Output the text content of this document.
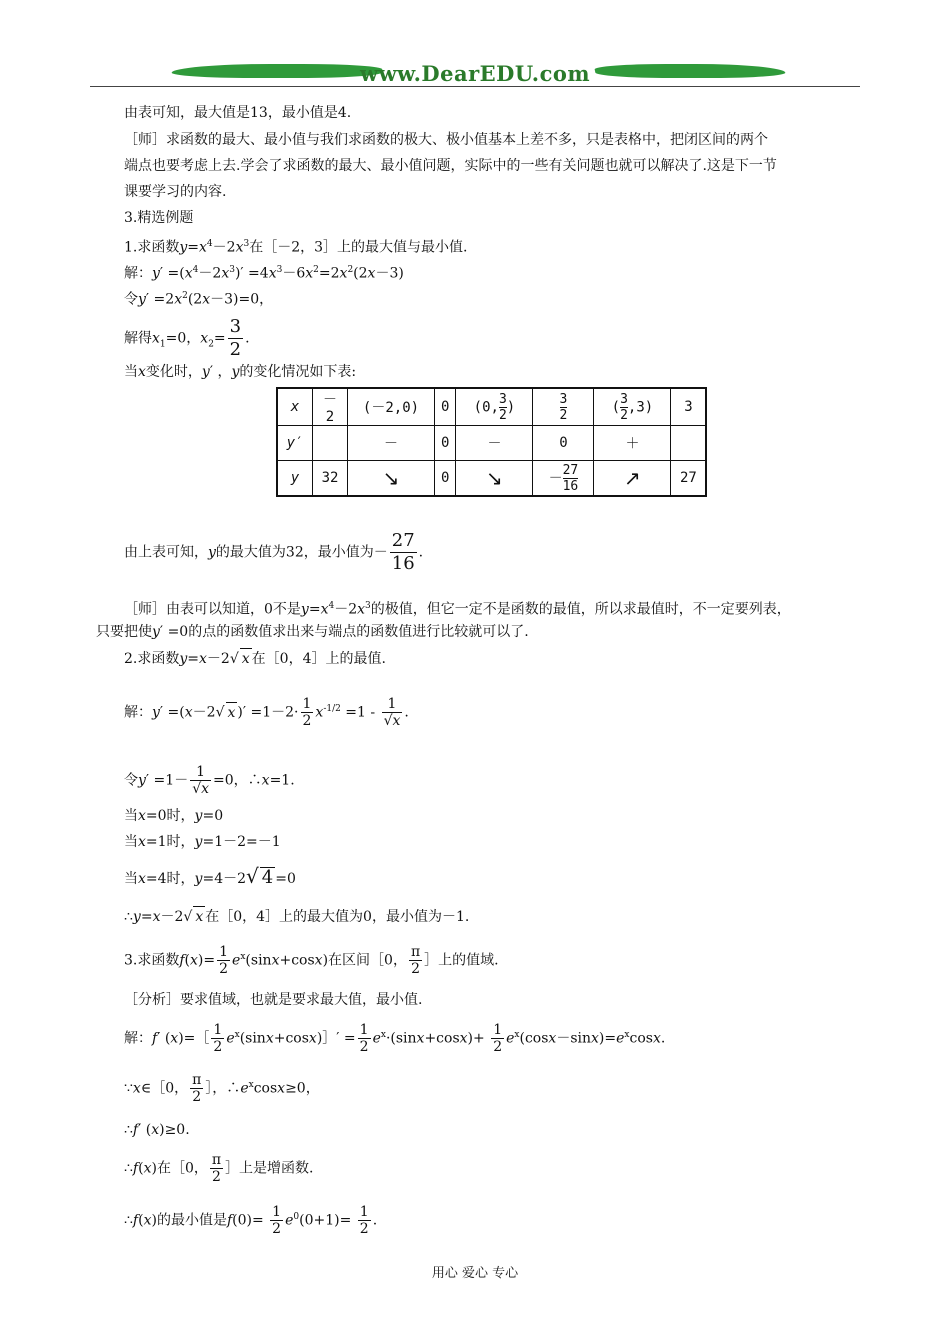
www.DearEDU.com
由表可知，最大值是13，最小值是4.
［师］求函数的最大、最小值与我们求函数的极大、极小值基本上差不多，只是表格中，把闭区间的两个
端点也要考虑上去.学会了求函数的最大、最小值问题，实际中的一些有关问题也就可以解决了.这是下一节
课要学习的内容.
3.精选例题
1.求函数$y=x^4-2x^3$在［－2，3］上的最大值与最小值.
解：$y' =(x^4-2x^3)' =4x^3-6x^2=2x^2(2x-3)$
令$y' =2x^2(2x-3)=0$，
解得$x_1=0$，$x_2= \frac{3}{2}$ .
当x变化时，y′ ，y的变化情况如下表:
x	－2	(－2,0)	0	(0, $\frac{3}{2}$ )	$\frac{3}{2}$	( $\frac{3}{2} ,3$)	3
y′		－	0	－	0	＋	
y	32	↘	0	↘	－ $\frac{27}{16}$	↗	27
由上表可知，y的最大值为32，最小值为－ $\frac{27}{16}$ .
［师］由表可以知道，0不是$y=x^4-2x^3$的极值，但它一定不是函数的最值，所以求最值时，不一定要列表，
只要把使y′ =0的点的函数值求出来与端点的函数值进行比较就可以了.
2.求函数y=x－2√ x 在［0，4］上的最值.
解：y′ =(x－2√ x )′ $=1-2\cdot \frac{1}{2} x^{-1/2} =1 - \frac{1}{√x}$ .
令$y' =1- \frac{1}{√x} =0$，∴x=1.
当x=0时，y=0
当x=1时，y=1－2=－1
当x=4时，y=4－2√ 4 =0
∴y=x－2√ x 在［0，4］上的最大值为0，最小值为－1.
3.求函数$f(x)= \frac{1}{2} e^x(\sin x+\cos x)$在区间［0， $\frac{\pi}{2}$ ］上的值域.
［分析］要求值域，也就是要求最大值，最小值.
解：f′ (x)=［ $\frac{1}{2}$ $e^x(\sin x+\cos x)]' = \frac{1}{2} e^x\cdot(\sin x+\cos x)+ \frac{1}{2} e^x(\cos x-\sin x)=e^x\cos x$.
∵x∈［0， $\frac{\pi}{2}$ ］，$\therefore e^x\cos x\ge 0$，
∴f′ (x)≥0.
∴f(x)在［0， $\frac{\pi}{2}$ ］上是增函数.
∴f(x)的最小值是$f(0)= \frac{1}{2} e^0(0+1)= \frac{1}{2}$ .
用心 爱心 专心
